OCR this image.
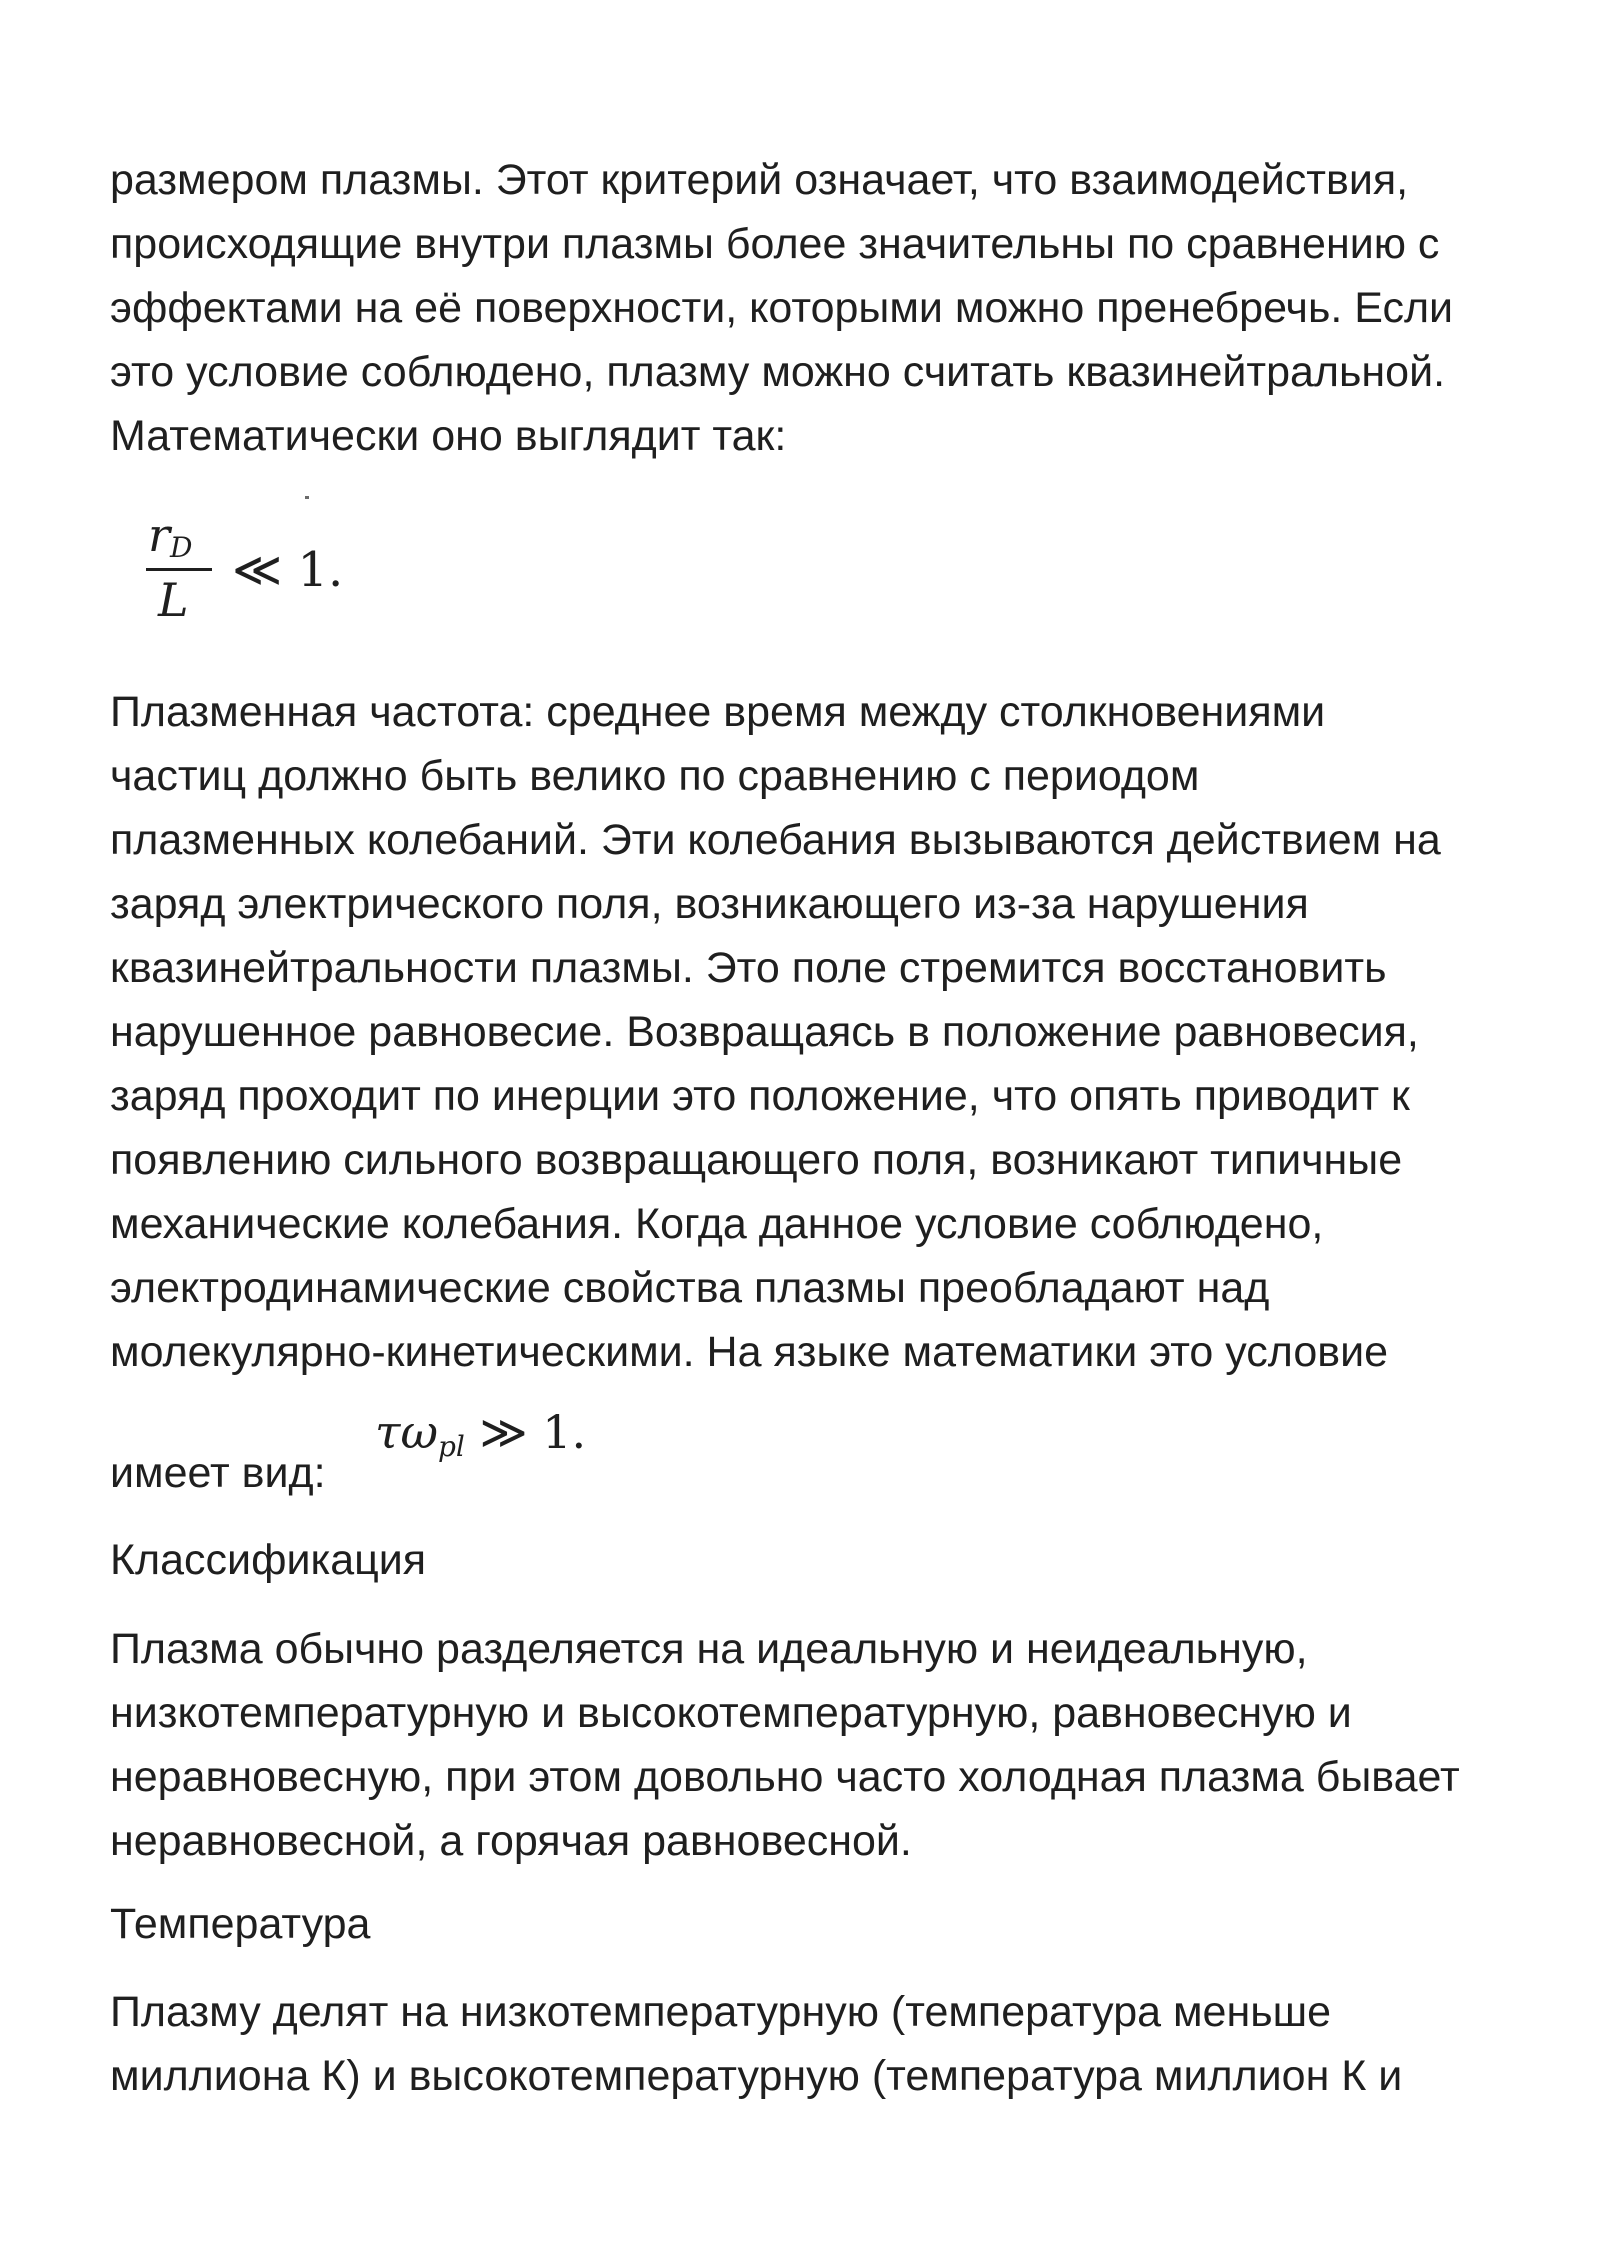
размером плазмы. Этот критерий означает, что взаимодействия,
происходящие внутри плазмы более значительны по сравнению с
эффектами на её поверхности, которыми можно пренебречь. Если
это условие соблюдено, плазму можно считать квазинейтральной.
Математически оно выглядит так:
$r_D$
L
≪ 1.
Плазменная частота: среднее время между столкновениями
частиц должно быть велико по сравнению с периодом
плазменных колебаний. Эти колебания вызываются действием на
заряд электрического поля, возникающего из-за нарушения
квазинейтральности плазмы. Это поле стремится восстановить
нарушенное равновесие. Возвращаясь в положение равновесия,
заряд проходит по инерции это положение, что опять приводит к
появлению сильного возвращающего поля, возникают типичные
механические колебания. Когда данное условие соблюдено,
электродинамические свойства плазмы преобладают над
молекулярно-кинетическими. На языке математики это условие
имеет вид:
$\tau\omega_{pl}$ ≫ 1.
Классификация
Плазма обычно разделяется на идеальную и неидеальную,
низкотемпературную и высокотемпературную, равновесную и
неравновесную, при этом довольно часто холодная плазма бывает
неравновесной, а горячая равновесной.
Температура
Плазму делят на низкотемпературную (температура меньше
миллиона К) и высокотемпературную (температура миллион К и
